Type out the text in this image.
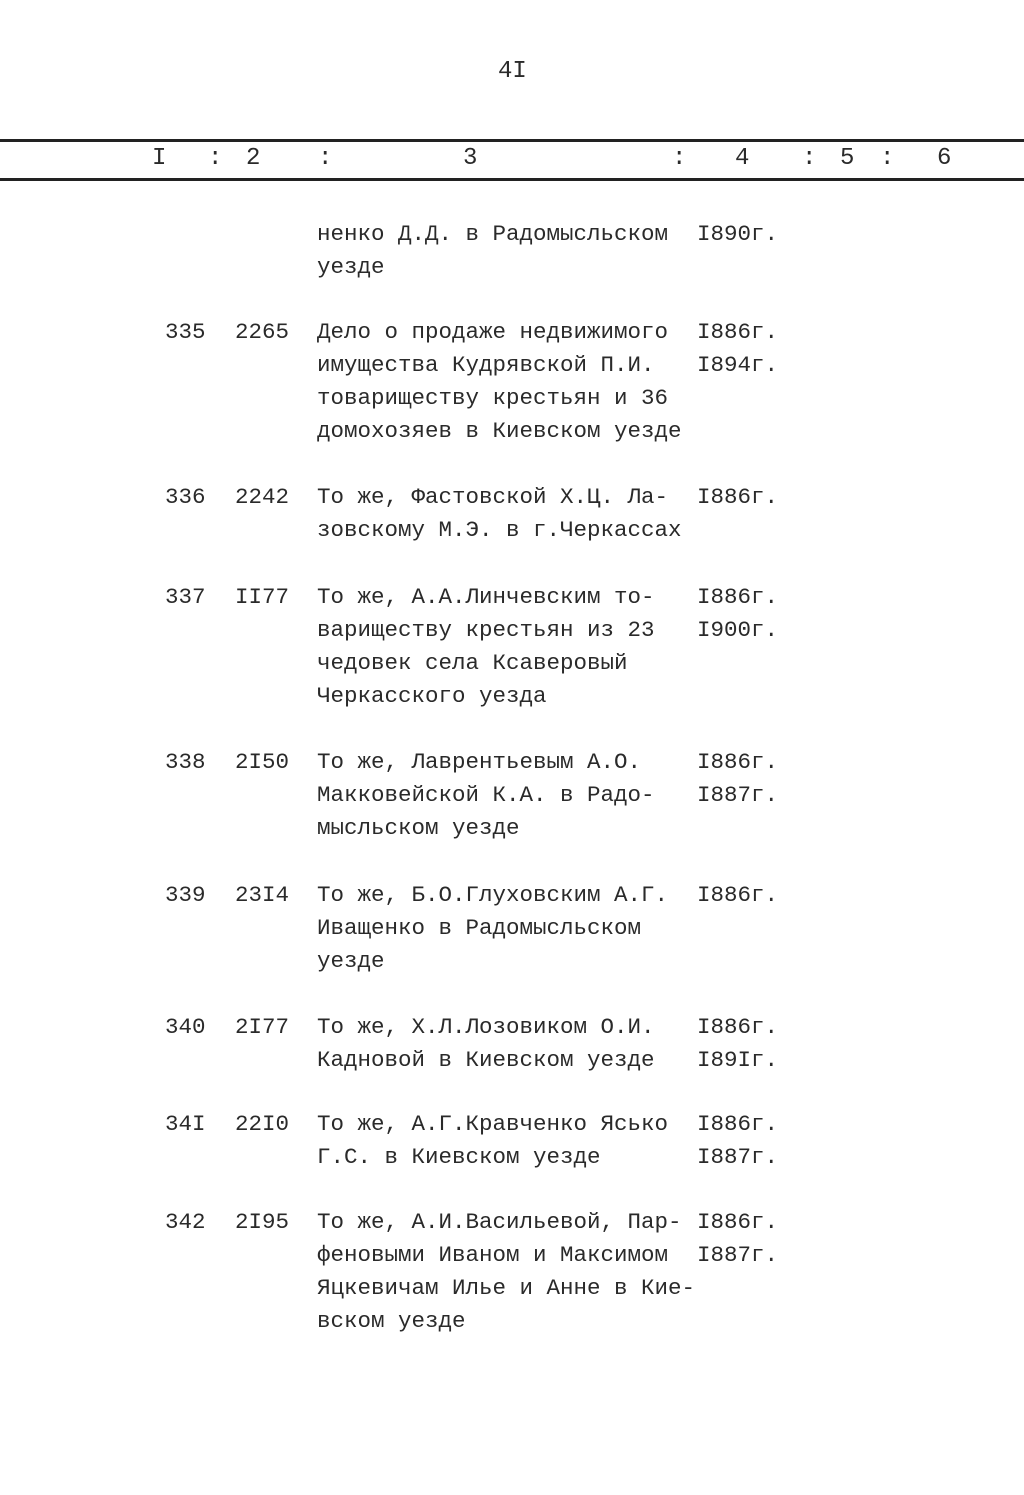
4I
I : 2 :	3	: 4 : 5 : 6
ненко Д.Д. в Радомысльском
уезде
I890г.
335 2265 Дело о продаже недвижимого
имущества Кудрявской П.И.
товариществу крестьян и 36
домохозяев в Киевском уезде
I886г.
I894г.
336 2242 То же, Фастовской Х.Ц. Ла-
зовскому М.Э. в г.Черкассах
I886г.
337 II77 То же, А.А.Линчевским то-
вариществу крестьян из 23
чедовек села Ксаверовый
Черкасского уезда
I886г.
I900г.
338 2I50 То же, Лаврентьевым А.О.
Макковейской К.А. в Радо-
мысльском уезде
I886г.
I887г.
339 23I4 То же, Б.О.Глуховским А.Г.
Иващенко в Радомысльском
уезде
I886г.
340 2I77 То же, Х.Л.Лозовиком О.И.
Кадновой в Киевском уезде
I886г.
I89Iг.
34I 22I0 То же, А.Г.Кравченко Ясько
Г.С. в Киевском уезде
I886г.
I887г.
342 2I95 То же, А.И.Васильевой, Пар-
феновыми Иваном и Максимом
Яцкевичам Илье и Анне в Кие-
вском уезде
I886г.
I887г.
